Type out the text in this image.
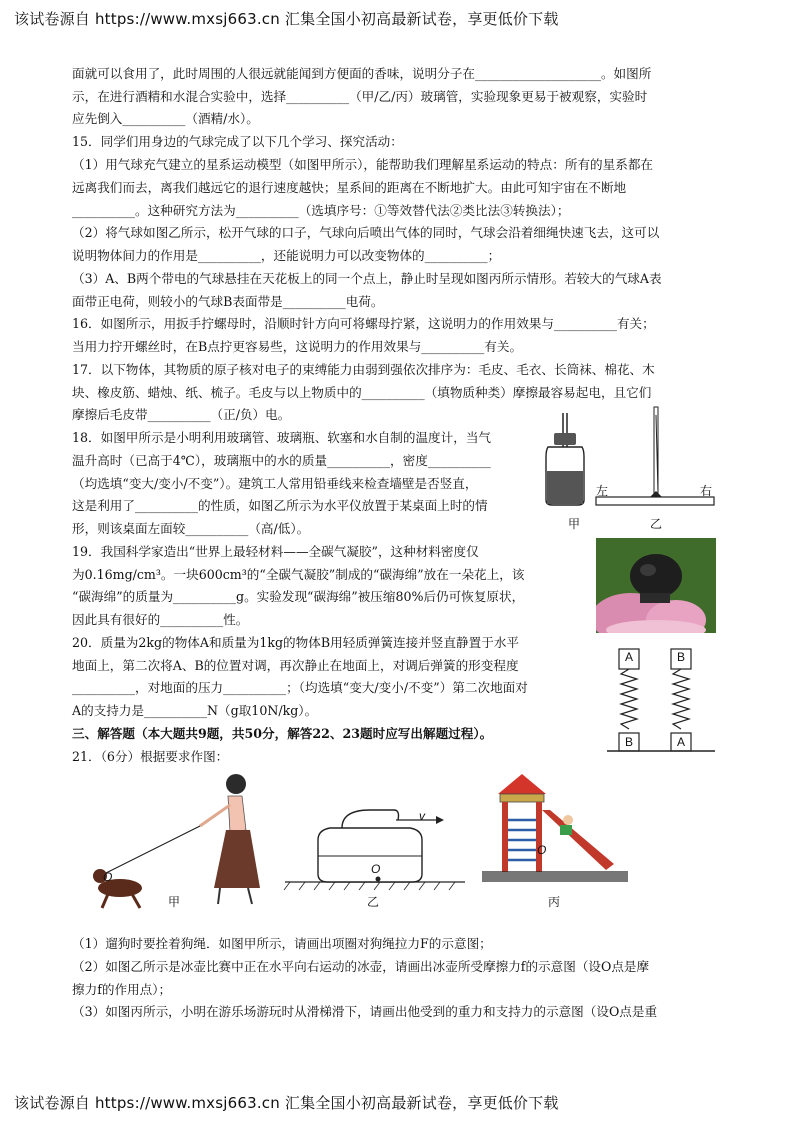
该试卷源自 https://www.mxsj663.cn 汇集全国小初高最新试卷，享更低价下载
面就可以食用了，此时周围的人很远就能闻到方便面的香味，说明分子在____________________。如图所
示，在进行酒精和水混合实验中，选择__________（甲/乙/丙）玻璃管，实验现象更易于被观察，实验时
应先倒入__________（酒精/水）。
15．同学们用身边的气球完成了以下几个学习、探究活动：
（1）用气球充气建立的星系运动模型（如图甲所示），能帮助我们理解星系运动的特点：所有的星系都在
远离我们而去，离我们越远它的退行速度越快；星系间的距离在不断地扩大。由此可知宇宙在不断地
__________。这种研究方法为__________（选填序号：①等效替代法②类比法③转换法）；
（2）将气球如图乙所示，松开气球的口子，气球向后喷出气体的同时，气球会沿着细绳快速飞去，这可以
说明物体间力的作用是__________，还能说明力可以改变物体的__________；
（3）A、B两个带电的气球悬挂在天花板上的同一个点上，静止时呈现如图丙所示情形。若较大的气球A表
面带正电荷，则较小的气球B表面带是__________电荷。
16．如图所示，用扳手拧螺母时，沿顺时针方向可将螺母拧紧，这说明力的作用效果与__________有关；
当用力拧开螺丝时，在B点拧更容易些，这说明力的作用效果与__________有关。
17．以下物体，其物质的原子核对电子的束缚能力由弱到强依次排序为：毛皮、毛衣、长筒袜、棉花、木
块、橡皮筋、蜡烛、纸、梳子。毛皮与以上物质中的__________（填物质种类）摩擦最容易起电，且它们
摩擦后毛皮带__________（正/负）电。
18．如图甲所示是小明利用玻璃管、玻璃瓶、软塞和水自制的温度计，当气
温升高时（已高于4℃），玻璃瓶中的水的质量__________，密度__________
（均选填“变大/变小/不变”）。建筑工人常用铅垂线来检查墙壁是否竖直，
这是利用了__________的性质，如图乙所示为水平仪放置于某桌面上时的情
形，则该桌面左面较__________（高/低）。
19．我国科学家造出“世界上最轻材料——全碳气凝胶”，这种材料密度仅
为0.16mg/cm³。一块600cm³的“全碳气凝胶”制成的“碳海绵”放在一朵花上，该
“碳海绵”的质量为__________g。实验发现“碳海绵”被压缩80%后仍可恢复原状，
因此具有很好的__________性。
20．质量为2kg的物体A和质量为1kg的物体B用轻质弹簧连接并竖直静置于水平
地面上，第二次将A、B的位置对调，再次静止在地面上，对调后弹簧的形变程度
__________，对地面的压力__________；（均选填“变大/变小/不变”）第二次地面对
A的支持力是__________N（g取10N/kg）。
三、解答题（本大题共9题，共50分，解答22、23题时应写出解题过程）。
21．（6分）根据要求作图：
（1）遛狗时要拴着狗绳．如图甲所示，请画出项圈对狗绳拉力F的示意图；
（2）如图乙所示是冰壶比赛中正在水平向右运动的冰壶，请画出冰壶所受摩擦力f的示意图（设O点是摩
擦力f的作用点）；
（3）如图丙所示，小明在游乐场游玩时从滑梯滑下，请画出他受到的重力和支持力的示意图（设O点是重
左	右
甲	乙
A	B
B	A
O
O
v
O
甲	乙	丙
该试卷源自 https://www.mxsj663.cn 汇集全国小初高最新试卷，享更低价下载
